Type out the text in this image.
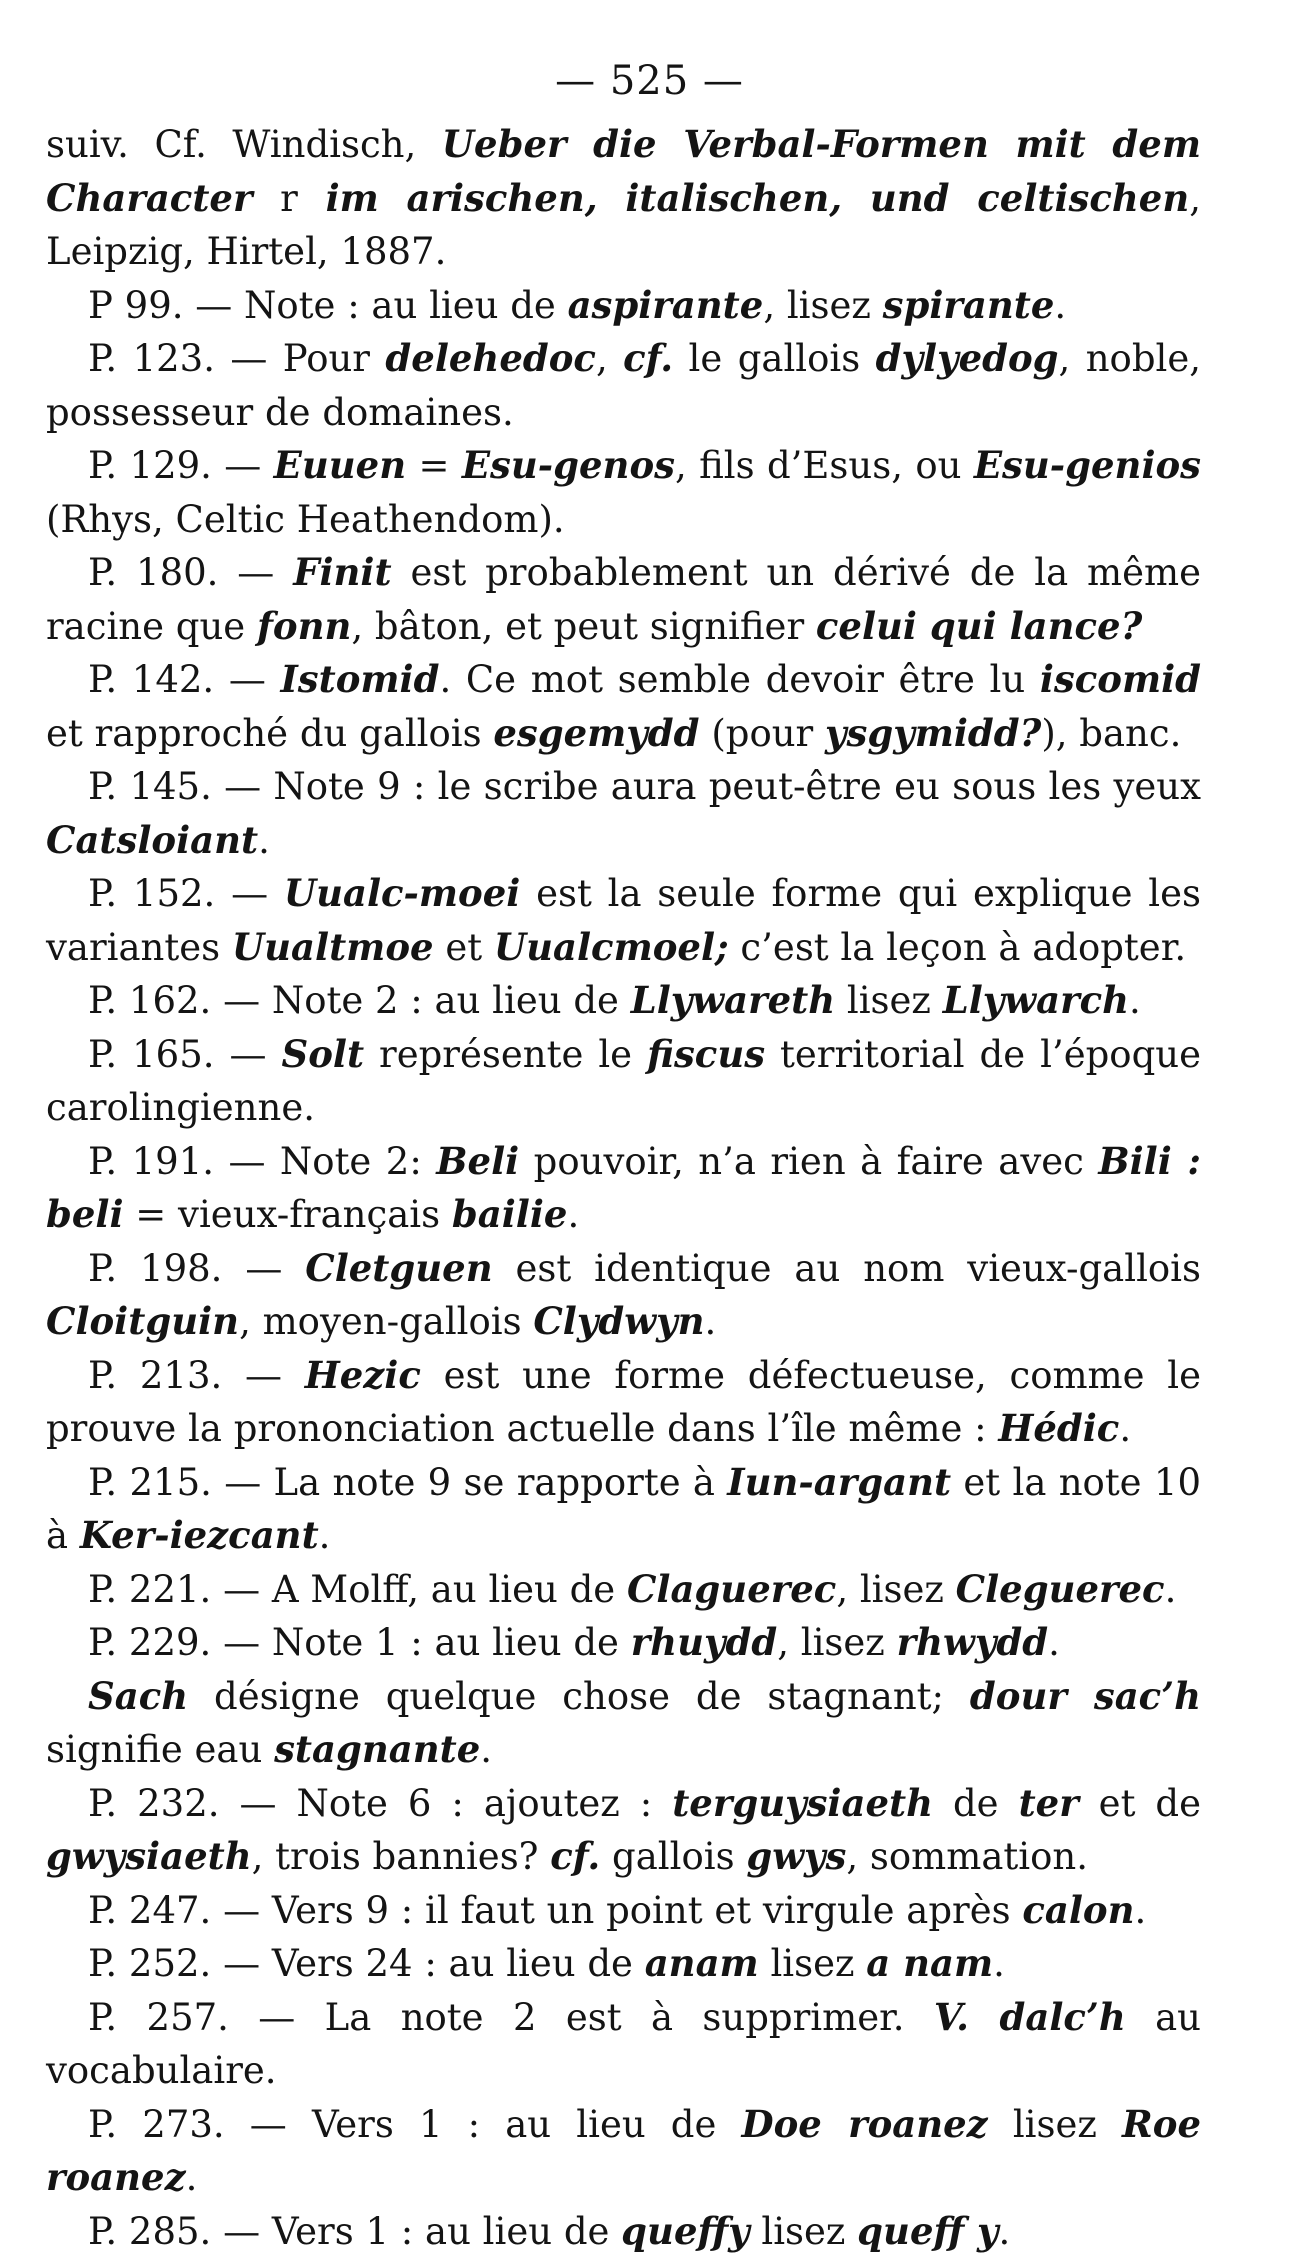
— 525 —

suiv. Cf. Windisch, Ueber die Verbal-Formen mit dem Character r im arischen, italischen, und celtischen, Leipzig, Hirtel, 1887.

P 99. — Note : au lieu de aspirante, lisez spirante.

P. 123. — Pour delehedoc, cf. le gallois dylyedog, noble, possesseur de domaines.

P. 129. — Euuen = Esu-genos, fils d’Esus, ou Esu-genios (Rhys, Celtic Heathendom).

P. 180. — Finit est probablement un dérivé de la même racine que fonn, bâton, et peut signifier celui qui lance?

P. 142. — Istomid. Ce mot semble devoir être lu iscomid et rapproché du gallois esgemydd (pour ysgymidd?), banc.

P. 145. — Note 9 : le scribe aura peut-être eu sous les yeux Catsloiant.

P. 152. — Uualc-moei est la seule forme qui explique les variantes Uualtmoe et Uualcmoel; c’est la leçon à adopter.

P. 162. — Note 2 : au lieu de Llywareth lisez Llywarch.

P. 165. — Solt représente le fiscus territorial de l’époque carolingienne.

P. 191. — Note 2: Beli pouvoir, n’a rien à faire avec Bili : beli = vieux-français bailie.

P. 198. — Cletguen est identique au nom vieux-gallois Cloitguin, moyen-gallois Clydwyn.

P. 213. — Hezic est une forme défectueuse, comme le prouve la prononciation actuelle dans l’île même : Hédic.

P. 215. — La note 9 se rapporte à Iun-argant et la note 10 à Ker-iezcant.

P. 221. — A Molff, au lieu de Claguerec, lisez Cleguerec.

P. 229. — Note 1 : au lieu de rhuydd, lisez rhwydd.

Sach désigne quelque chose de stagnant; dour sac’h signifie eau stagnante.

P. 232. — Note 6 : ajoutez : terguysiaeth de ter et de gwysiaeth, trois bannies? cf. gallois gwys, sommation.

P. 247. — Vers 9 : il faut un point et virgule après calon.

P. 252. — Vers 24 : au lieu de anam lisez a nam.

P. 257. — La note 2 est à supprimer. V. dalc’h au vocabulaire.

P. 273. — Vers 1 : au lieu de Doe roanez lisez Roe roanez.

P. 285. — Vers 1 : au lieu de queffy lisez queff y.
